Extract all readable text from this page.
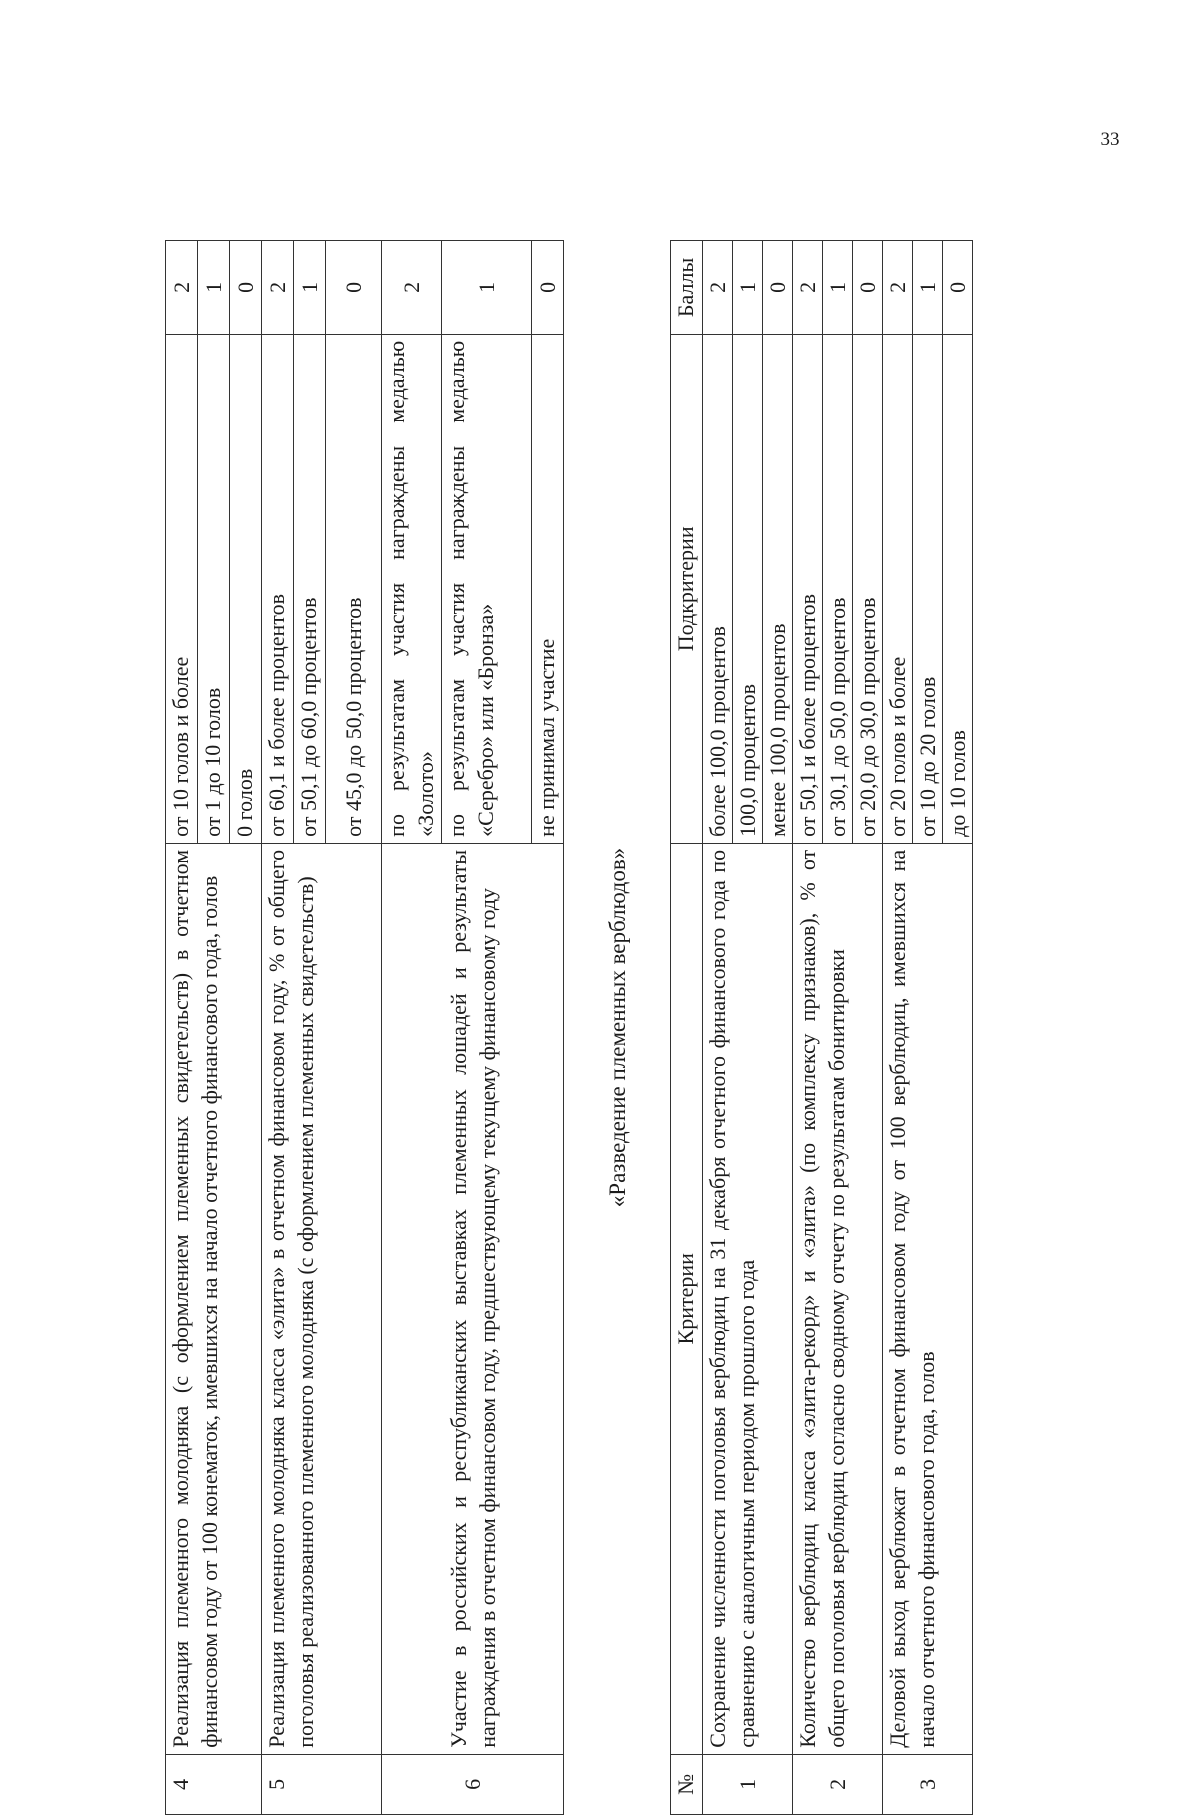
33
4	Реализация племенного молодняка (с оформлением племенных свидетельств) в отчетном финансовом году от 100 конематок, имевшихся на начало отчетного финансового года, голов	от 10 голов и более	2
		от 1 до 10 голов	1
		0 голов	0
5	Реализация племенного молодняка класса «элита» в отчетном финансовом году, % от общего поголовья реализованного племенного молодняка (с оформлением племенных свидетельств)	от 60,1 и более процентов	2
		от 50,1 до 60,0 процентов	1
		от 45,0 до 50,0 процентов	0
6	Участие в российских и республиканских выставках племенных лошадей и результаты награждения в отчетном финансовом году, предшествующему текущему финансовому году	по результатам участия награждены медалью «Золото»	2
		по результатам участия награждены медалью «Серебро» или «Бронза»	1
		не принимал участие	0
«Разведение племенных верблюдов»
№	Критерии	Подкритерии	Баллы
1	Сохранение численности поголовья верблюдиц на 31 декабря отчетного финансового года по сравнению с аналогичным периодом прошлого года	более 100,0 процентов	2
		100,0 процентов	1
		менее 100,0 процентов	0
2	Количество верблюдиц класса «элита-рекорд» и «элита» (по комплексу признаков), % от общего поголовья верблюдиц согласно сводному отчету по результатам бонитировки	от 50,1 и более процентов	2
		от 30,1 до 50,0 процентов	1
		от 20,0 до 30,0 процентов	0
3	Деловой выход верблюжат в отчетном финансовом году от 100 верблюдиц, имевшихся на начало отчетного финансового года, голов	от 20 голов и более	2
		от 10 до 20 голов	1
		до 10 голов	0
